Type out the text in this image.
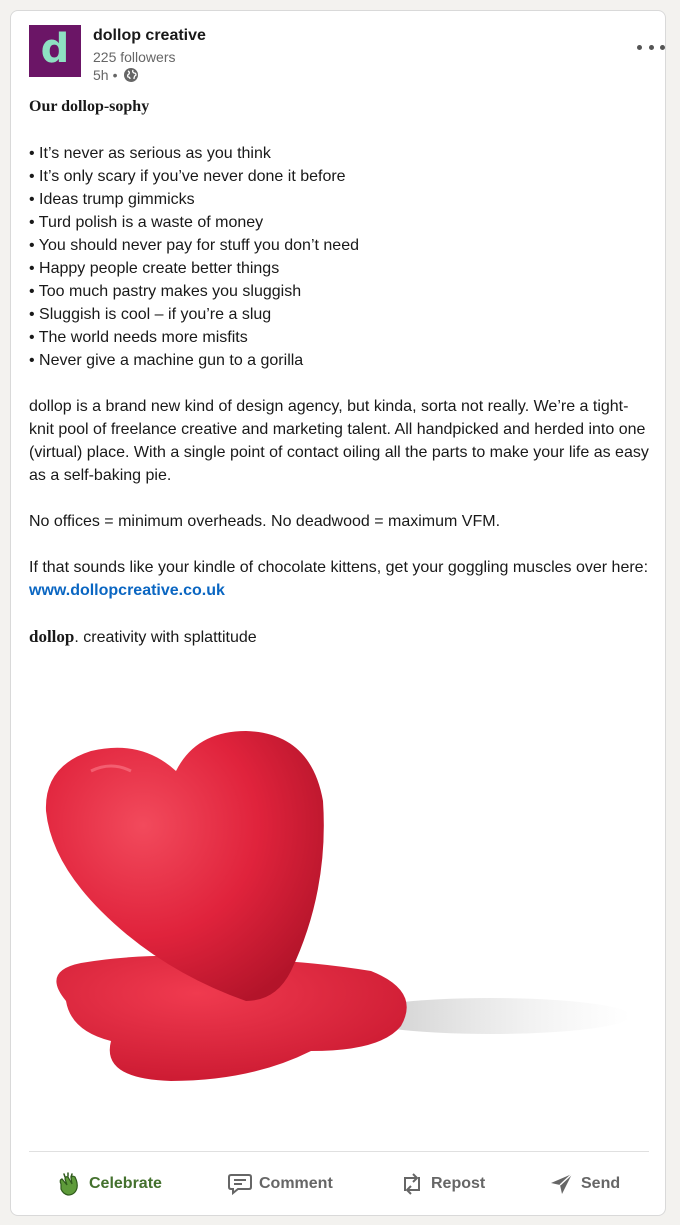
d dollop creative
225 followers
5h •
Our dollop-sophy
• It’s never as serious as you think
• It’s only scary if you’ve never done it before
• Ideas trump gimmicks
• Turd polish is a waste of money
• You should never pay for stuff you don’t need
• Happy people create better things
• Too much pastry makes you sluggish
• Sluggish is cool – if you’re a slug
• The world needs more misfits
• Never give a machine gun to a gorilla

dollop is a brand new kind of design agency, but kinda, sorta not really. We’re a tight-knit pool of freelance creative and marketing talent. All handpicked and herded into one (virtual) place. With a single point of contact oiling all the parts to make your life as easy as a self-baking pie.

No offices = minimum overheads. No deadwood = maximum VFM.

If that sounds like your kindle of chocolate kittens, get your goggling muscles over here: www.dollopcreative.co.uk

dollop. creativity with splattitude

Celebrate	Comment	Repost	Send
